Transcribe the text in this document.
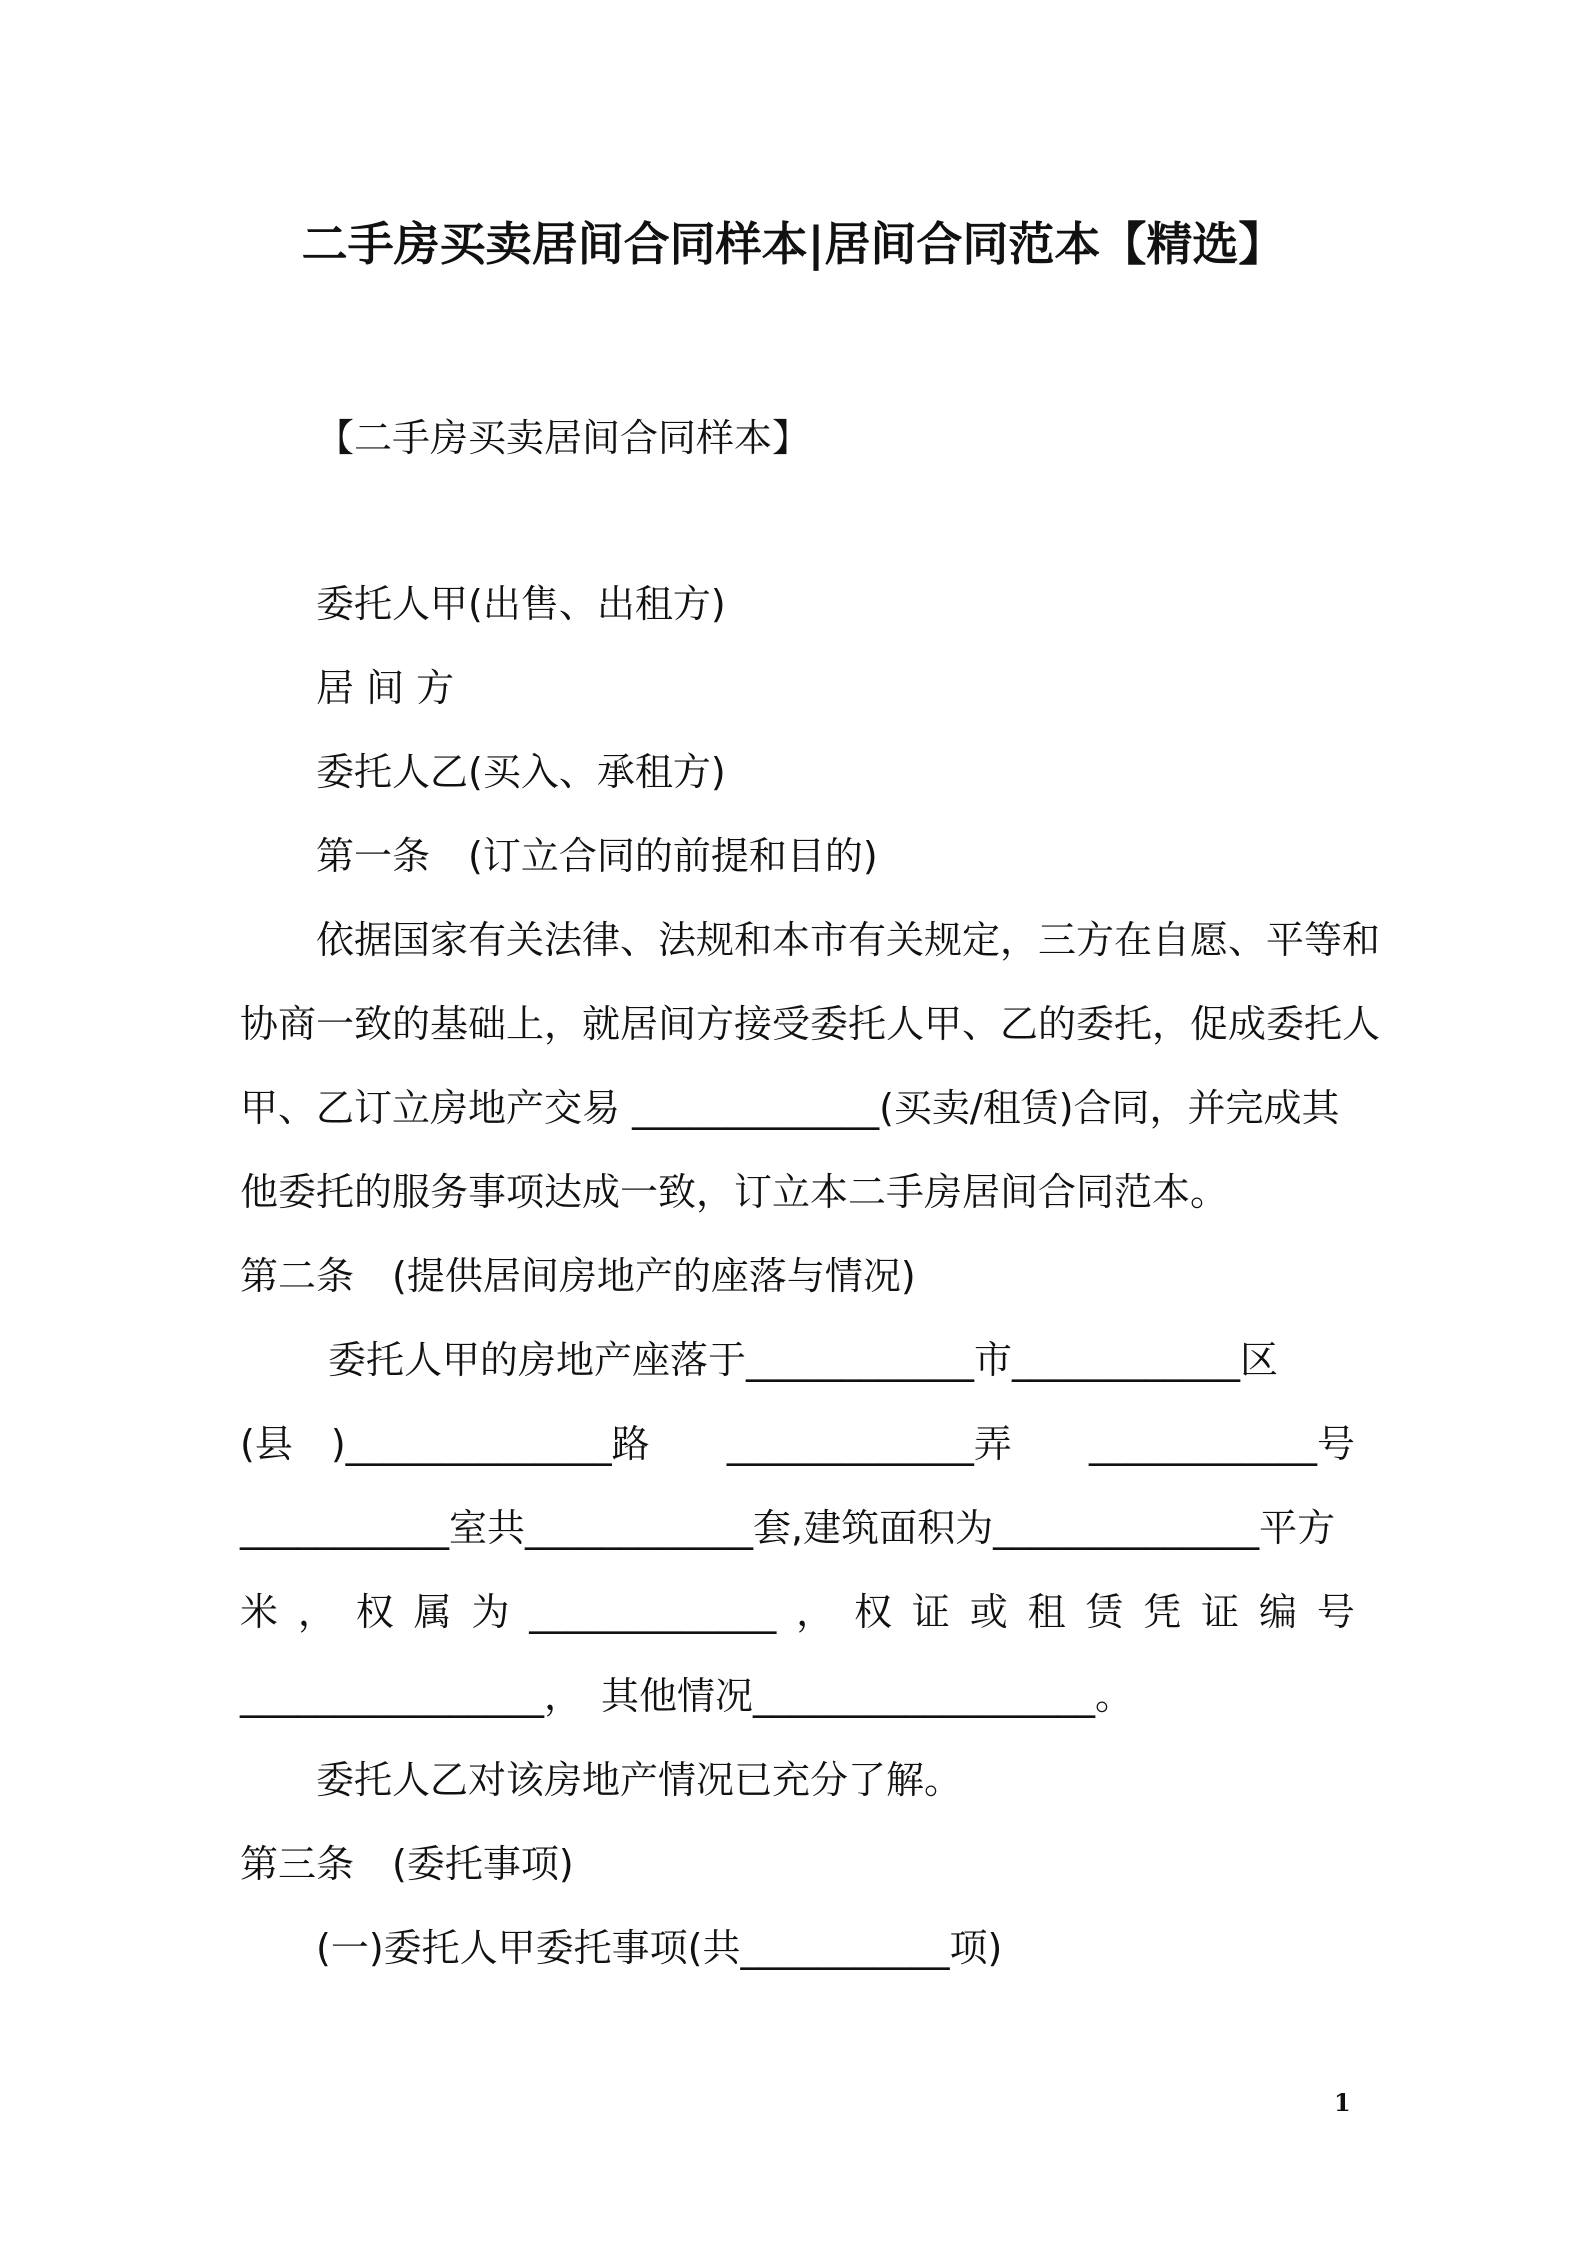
二手房买卖居间合同样本|居间合同范本【精选】
【二手房买卖居间合同样本】
委托人甲(出售、出租方)
居 间 方
委托人乙(买入、承租方)
第一条　(订立合同的前提和目的)
依据国家有关法律、法规和本市有关规定，三方在自愿、平等和
协商一致的基础上，就居间方接受委托人甲、乙的委托，促成委托人
甲、乙订立房地产交易 _____________(买卖/租赁)合同，并完成其
他委托的服务事项达成一致，订立本二手房居间合同范本。
第二条　(提供居间房地产的座落与情况)
委托人甲的房地产座落于____________市____________区
(县　)______________路 _____________弄 ____________号
___________室共____________套,建筑面积为______________平方
米 ， 权 属 为 _____________ ， 权 证 或 租 赁 凭 证 编 号
________________，　其他情况__________________。
委托人乙对该房地产情况已充分了解。
第三条　(委托事项)
(一)委托人甲委托事项(共___________项)
1
